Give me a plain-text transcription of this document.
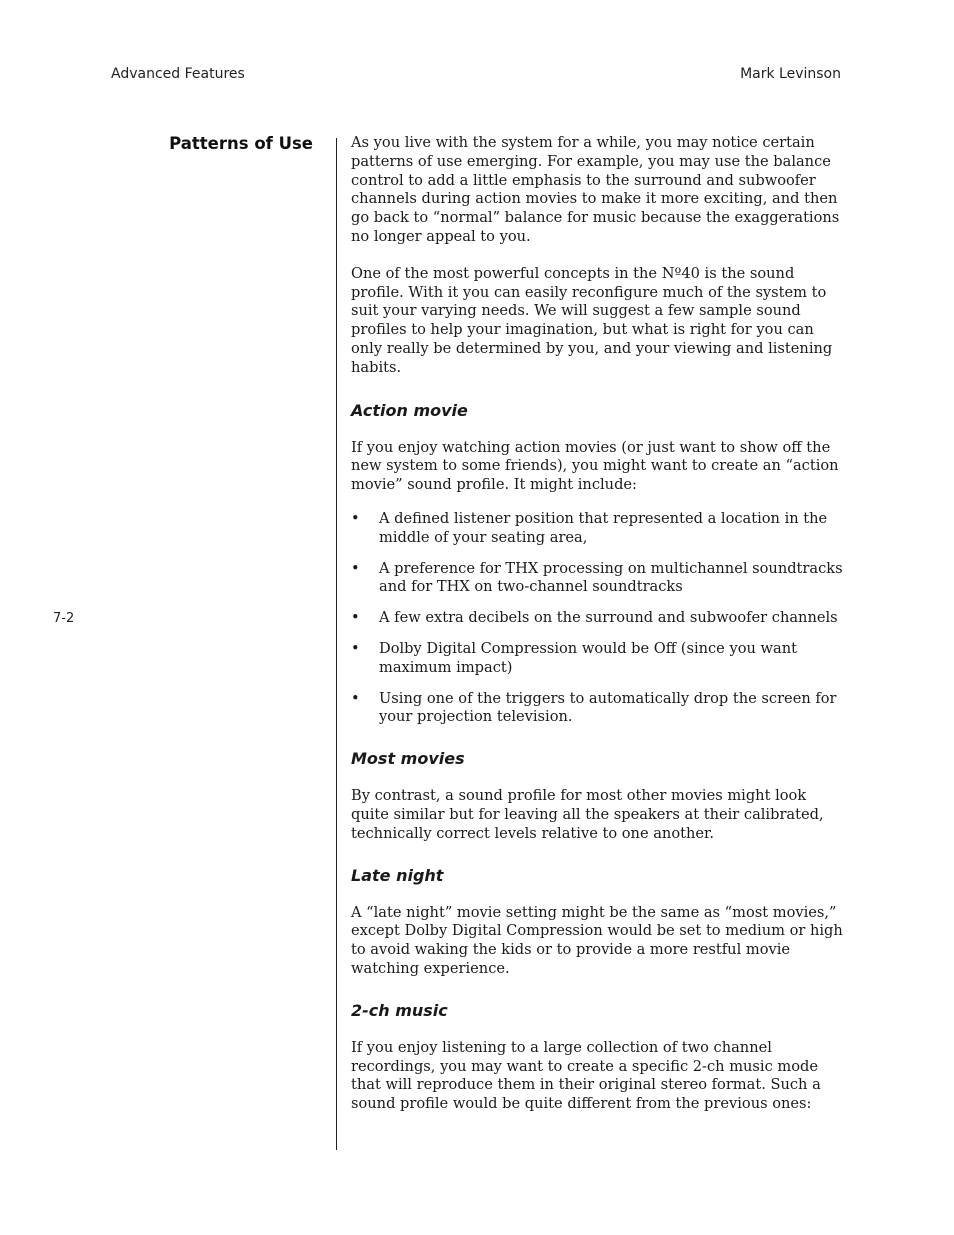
Advanced Features	Mark Levinson
Patterns of Use
7-2

As you live with the system for a while, you may notice certain patterns of use emerging. For example, you may use the balance control to add a little emphasis to the surround and subwoofer channels during action movies to make it more exciting, and then go back to “normal” balance for music because the exaggerations no longer appeal to you.

One of the most powerful concepts in the Nº40 is the sound profile. With it you can easily reconfigure much of the system to suit your varying needs. We will suggest a few sample sound profiles to help your imagination, but what is right for you can only really be determined by you, and your viewing and listening habits.

Action movie

If you enjoy watching action movies (or just want to show off the new system to some friends), you might want to create an “action movie” sound profile. It might include:

• A defined listener position that represented a location in the middle of your seating area,
• A preference for THX processing on multichannel soundtracks and for THX on two-channel soundtracks
• A few extra decibels on the surround and subwoofer channels
• Dolby Digital Compression would be Off (since you want maximum impact)
• Using one of the triggers to automatically drop the screen for your projection television.
Most movies

By contrast, a sound profile for most other movies might look quite similar but for leaving all the speakers at their calibrated, technically correct levels relative to one another.

Late night

A “late night” movie setting might be the same as “most movies,” except Dolby Digital Compression would be set to medium or high to avoid waking the kids or to provide a more restful movie watching experience.

2-ch music

If you enjoy listening to a large collection of two channel recordings, you may want to create a specific 2-ch music mode that will reproduce them in their original stereo format. Such a sound profile would be quite different from the previous ones:
